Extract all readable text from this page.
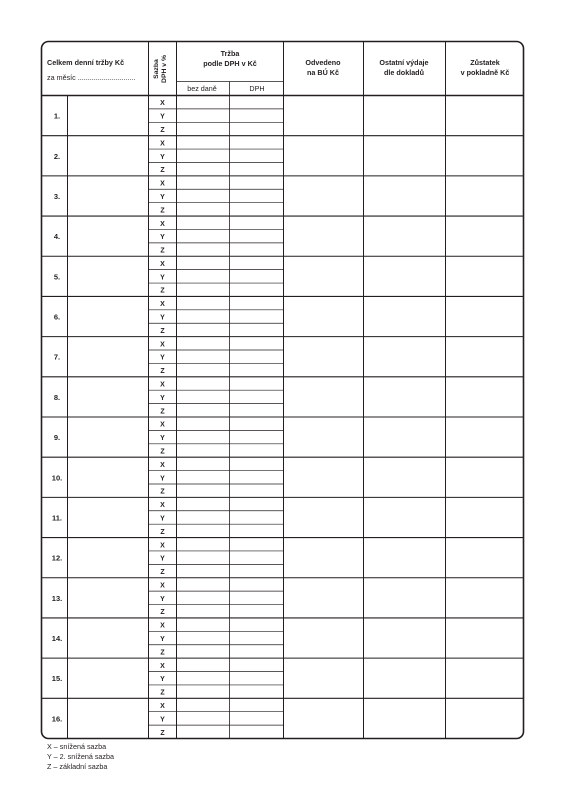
Celkem denní tržby Kč
za měsíc .............................	Sazba DPH v %
Tržba
podle DPH v Kč
bez daně	DPH
Odvedeno
na BÚ Kč
Ostatní výdaje
dle dokladů
Zůstatek
v pokladně Kč
1.
X
Y
Z
2.
X
Y
Z
3.
X
Y
Z
4.
X
Y
Z
5.
X
Y
Z
6.
X
Y
Z
7.
X
Y
Z
8.
X
Y
Z
9.
X
Y
Z
10.
X
Y
Z
11.
X
Y
Z
12.
X
Y
Z
13.
X
Y
Z
14.
X
Y
Z
15.
X
Y
Z
16.
X
Y
Z
X – snížená sazba
Y – 2. snížená sazba
Z – základní sazba
